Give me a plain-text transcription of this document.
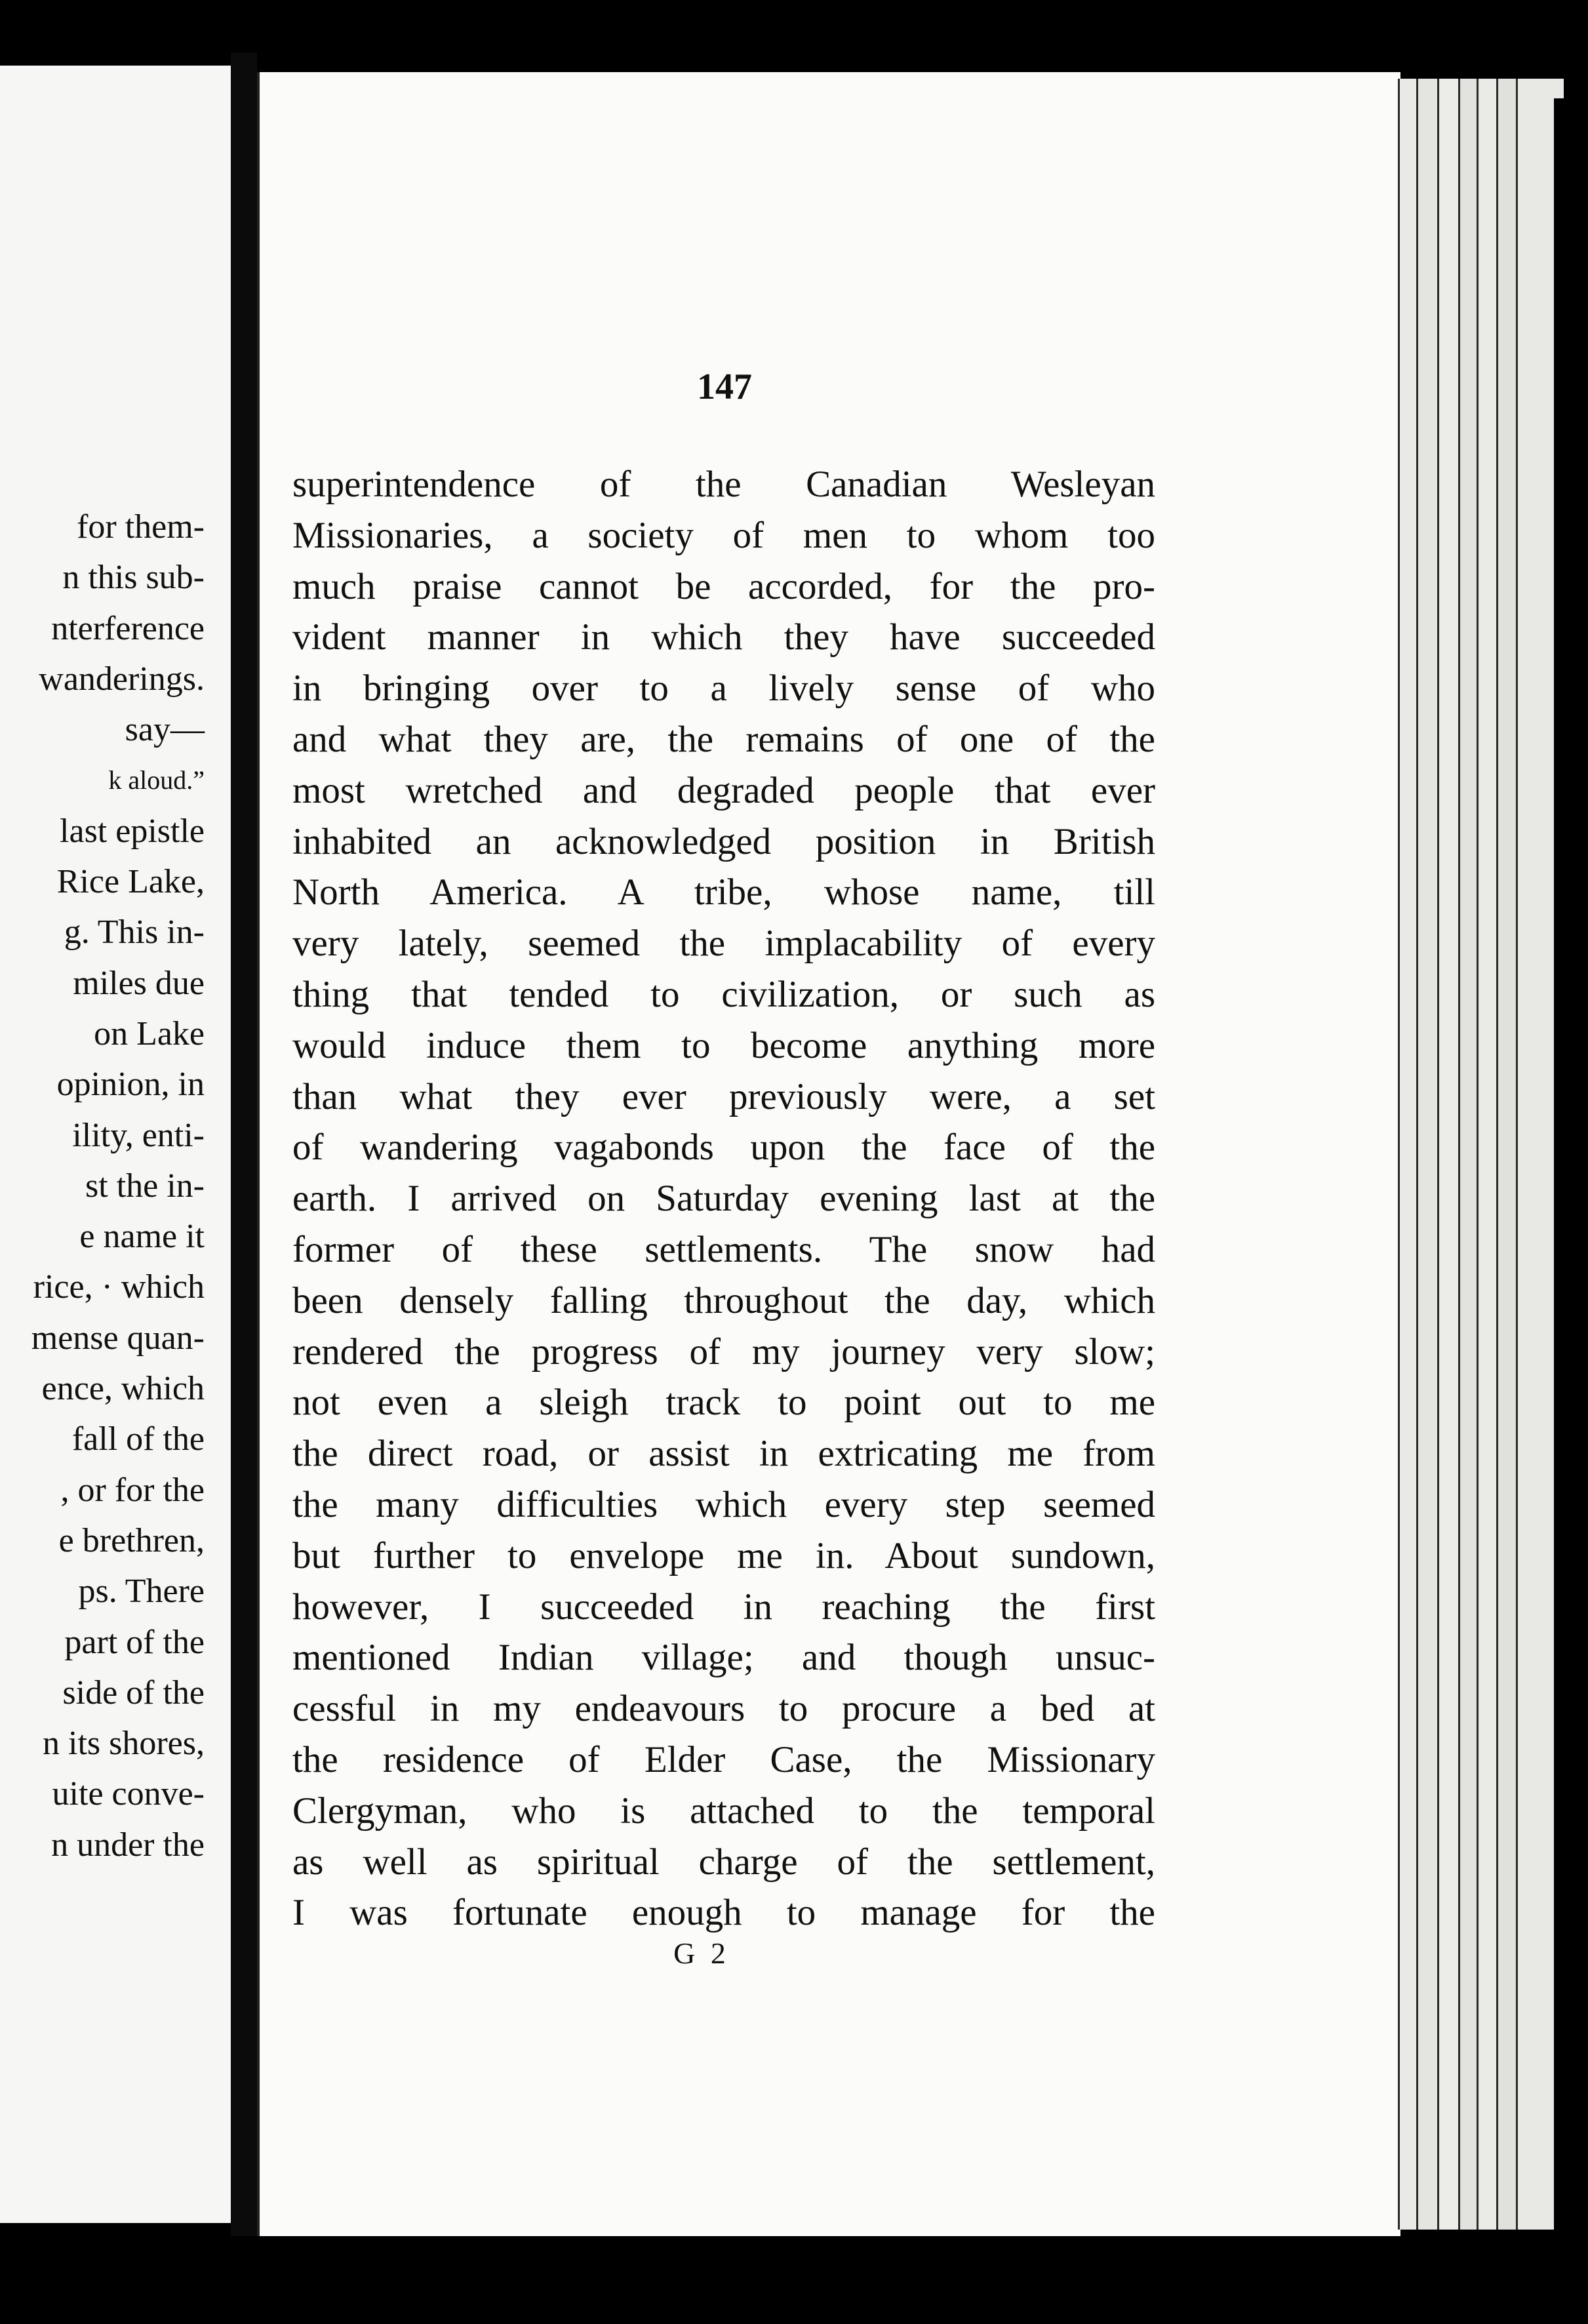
for them-
n this sub-
nterference
wanderings.
say—
k aloud.”
last epistle
Rice Lake,
g. This in-
miles due
on Lake
opinion, in
ility, enti-
st the in-
e name it
rice, · which
mense quan-
ence, which
fall of the
, or for the
e brethren,
ps. There
part of the
side of the
n its shores,
uite conve-
n under the
147
superintendence of the Canadian Wesleyan
Missionaries, a society of men to whom too
much praise cannot be accorded, for the pro-
vident manner in which they have succeeded
in bringing over to a lively sense of who
and what they are, the remains of one of the
most wretched and degraded people that ever
inhabited an acknowledged position in British
North America. A tribe, whose name, till
very lately, seemed the implacability of every
thing that tended to civilization, or such as
would induce them to become anything more
than what they ever previously were, a set
of wandering vagabonds upon the face of the
earth. I arrived on Saturday evening last at the
former of these settlements. The snow had
been densely falling throughout the day, which
rendered the progress of my journey very slow;
not even a sleigh track to point out to me
the direct road, or assist in extricating me from
the many difficulties which every step seemed
but further to envelope me in. About sundown,
however, I succeeded in reaching the first
mentioned Indian village; and though unsuc-
cessful in my endeavours to procure a bed at
the residence of Elder Case, the Missionary
Clergyman, who is attached to the temporal
as well as spiritual charge of the settlement,
I was fortunate enough to manage for the
G 2
